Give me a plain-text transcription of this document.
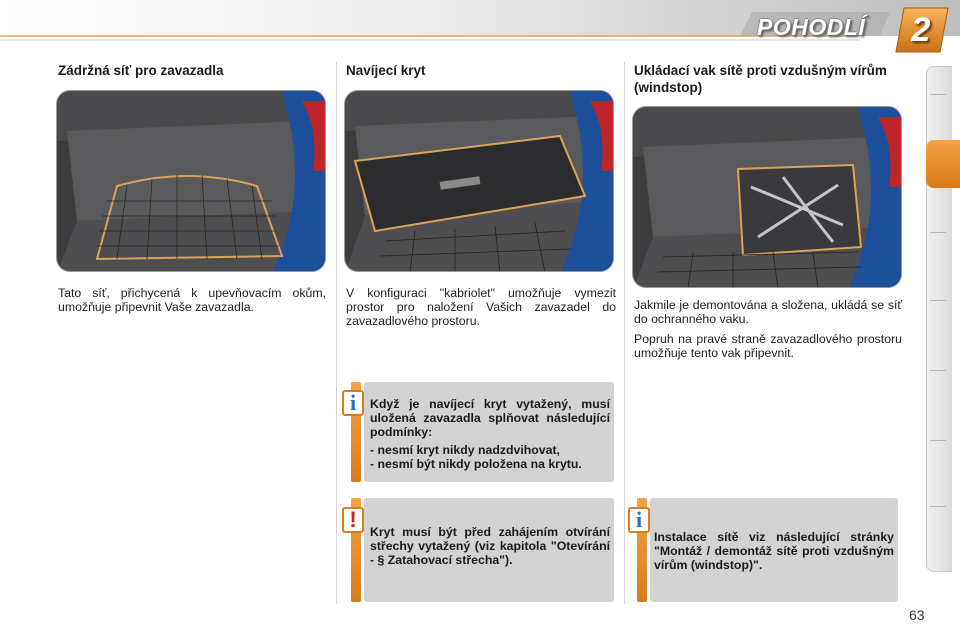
POHODLÍ	2
Zádržná síť pro zavazadla

Tato síť, přichycená k upevňovacím okům, umožňuje připevnit Vaše zavazadla.

Navíjecí kryt

V konfiguraci "kabriolet" umožňuje vymezit prostor pro naložení Vašich zavazadel do zavazadlového prostoru.

Ukládací vak sítě proti vzdušným vírům (windstop)

Jakmile je demontována a složena, ukládá se síť do ochranného vaku.

Popruh na pravé straně zavazadlového prostoru umožňuje tento vak připevnit.

i	Když je navíjecí kryt vytažený, musí uložená zavazadla splňovat následující podmínky:

- nesmí kryt nikdy nadzdvihovat,

- nesmí být nikdy položena na krytu.

!	Kryt musí být před zahájením otvírání střechy vytažený (viz kapitola "Otevírání - § Zatahovací střecha").

i

Instalace sítě viz následující stránky "Montáž / demontáž sítě proti vzdušným vírům (windstop)".

63
